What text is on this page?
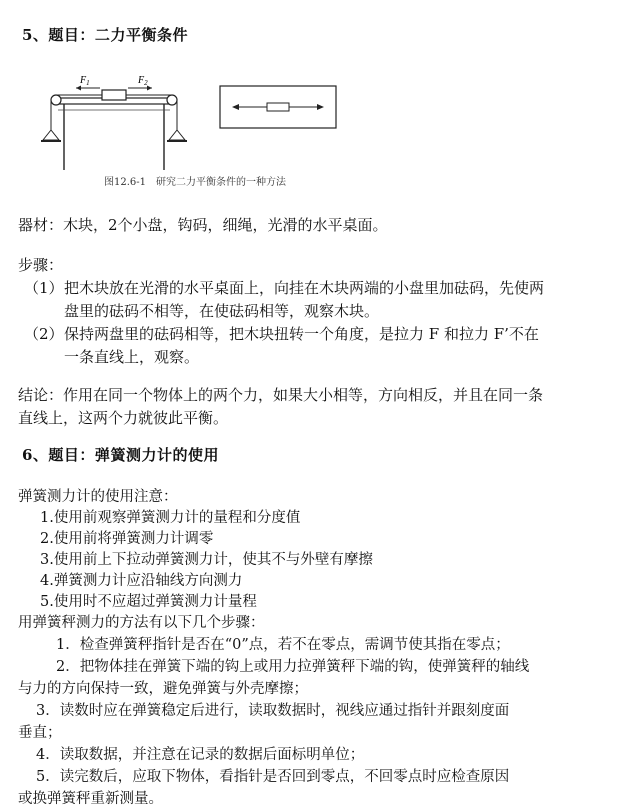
5、题目：二力平衡条件
$F_1$	$F_2$
图12.6-1　研究二力平衡条件的一种方法
器材：木块，2个小盘，钩码，细绳，光滑的水平桌面。
步骤：
（1） 把木块放在光滑的水平桌面上，向挂在木块两端的小盘里加砝码，先使两
盘里的砝码不相等，在使砝码相等，观察木块。
（2） 保持两盘里的砝码相等，把木块扭转一个角度，是拉力 F 和拉力 F’不在
一条直线上，观察。
结论：作用在同一个物体上的两个力，如果大小相等，方向相反，并且在同一条
直线上，这两个力就彼此平衡。
6、题目：弹簧测力计的使用
弹簧测力计的使用注意：
1.使用前观察弹簧测力计的量程和分度值
2.使用前将弹簧测力计调零
3.使用前上下拉动弹簧测力计，使其不与外壁有摩擦
4.弹簧测力计应沿轴线方向测力
5.使用时不应超过弹簧测力计量程
用弹簧秤测力的方法有以下几个步骤：
1．检查弹簧秤指针是否在“0”点，若不在零点，需调节使其指在零点；
2．把物体挂在弹簧下端的钩上或用力拉弹簧秤下端的钩，使弹簧秤的轴线
与力的方向保持一致，避免弹簧与外壳摩擦；
3．读数时应在弹簧稳定后进行，读取数据时，视线应通过指针并跟刻度面
垂直；
4．读取数据，并注意在记录的数据后面标明单位；
5．读完数后，应取下物体，看指针是否回到零点，不回零点时应检查原因
或换弹簧秤重新测量。
